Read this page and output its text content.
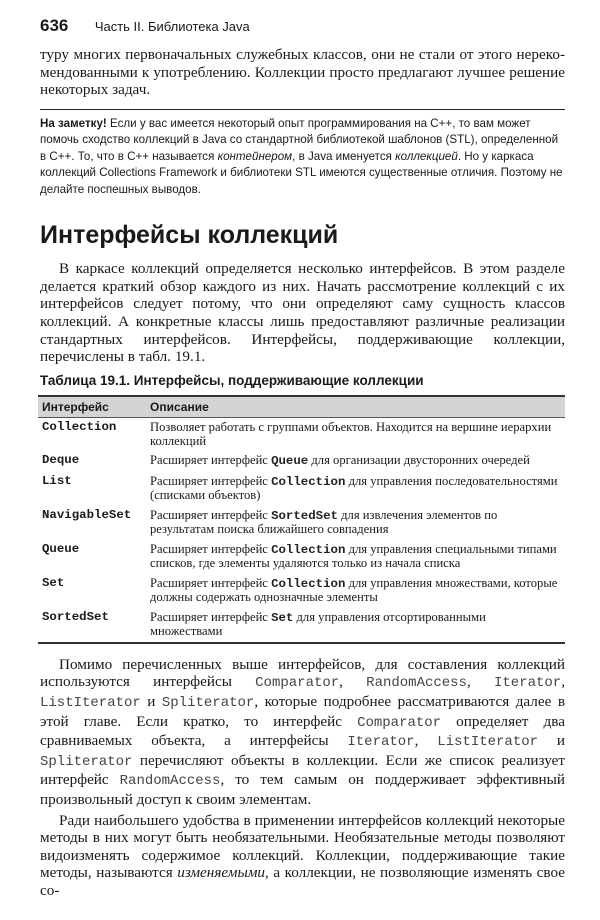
636 Часть II. Библиотека Java

туру многих первоначальных служебных классов, они не стали от этого нерекомендованными к употреблению. Коллекции просто предлагают лучшее решение некоторых задач.

На заметку! Если у вас имеется некоторый опыт программирования на C++, то вам может помочь сходство коллекций в Java со стандартной библиотекой шаблонов (STL), определенной в C++. То, что в C++ называется контейнером, в Java именуется коллекцией. Но у каркаса коллекций Collections Framework и библиотеки STL имеются существенные отличия. Поэтому не делайте поспешных выводов.
Интерфейсы коллекций

В каркасе коллекций определяется несколько интерфейсов. В этом разделе делается краткий обзор каждого из них. Начать рассмотрение коллекций с их интерфейсов следует потому, что они определяют саму сущность классов коллекций. А конкретные классы лишь предоставляют различные реализации стандартных интерфейсов. Интерфейсы, поддерживающие коллекции, перечислены в табл. 19.1.

Таблица 19.1. Интерфейсы, поддерживающие коллекции
Интерфейс	Описание
Collection	Позволяет работать с группами объектов. Находится на вершине иерархии коллекций
Deque	Расширяет интерфейс Queue для организации двусторонних очередей
List	Расширяет интерфейс Collection для управления последовательностями (списками объектов)
NavigableSet	Расширяет интерфейс SortedSet для извлечения элементов по результатам поиска ближайшего совпадения
Queue	Расширяет интерфейс Collection для управления специальными типами списков, где элементы удаляются только из начала списка
Set	Расширяет интерфейс Collection для управления множествами, которые должны содержать однозначные элементы
SortedSet	Расширяет интерфейс Set для управления отсортированными множествами

Помимо перечисленных выше интерфейсов, для составления коллекций используются интерфейсы Comparator, RandomAccess, Iterator, ListIterator и Spliterator, которые подробнее рассматриваются далее в этой главе. Если кратко, то интерфейс Comparator определяет два сравниваемых объекта, а интерфейсы Iterator, ListIterator и Spliterator перечисляют объекты в коллекции. Если же список реализует интерфейс RandomAccess, то тем самым он поддерживает эффективный произвольный доступ к своим элементам.

Ради наибольшего удобства в применении интерфейсов коллекций некоторые методы в них могут быть необязательными. Необязательные методы позволяют видоизменять содержимое коллекций. Коллекции, поддерживающие такие методы, называются изменяемыми, а коллекции, не позволяющие изменять свое со-
